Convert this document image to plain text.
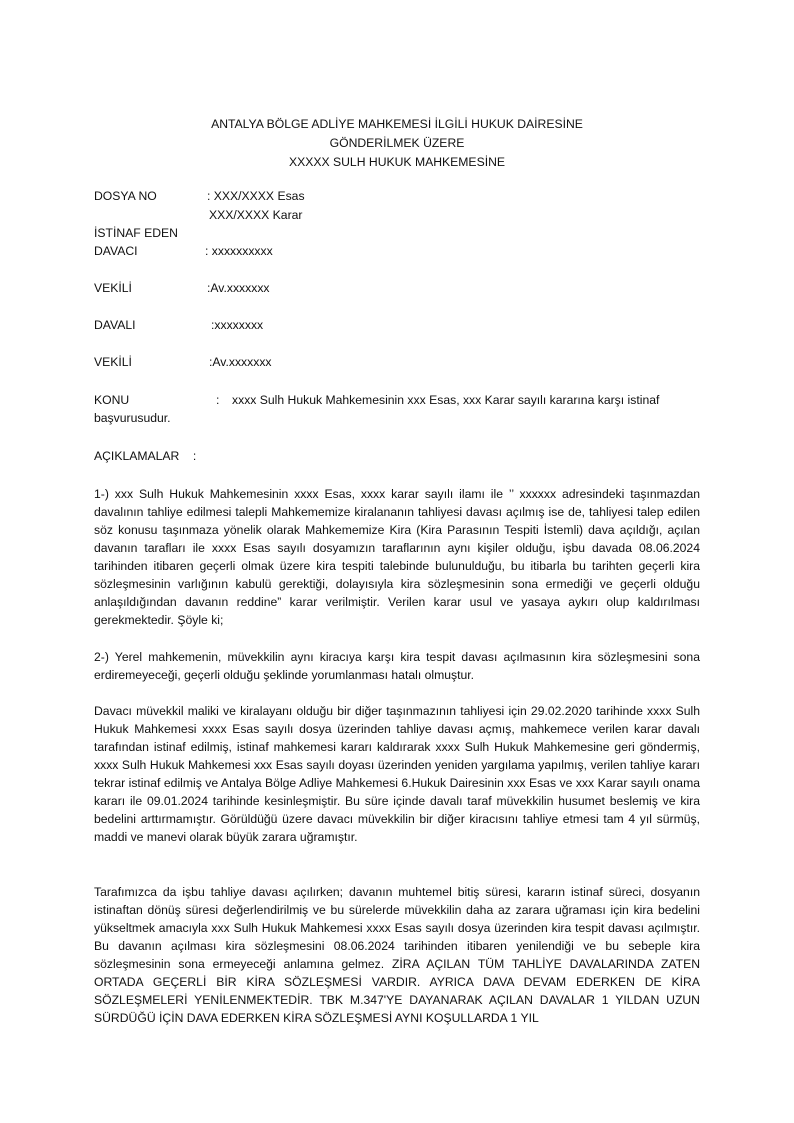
ANTALYA BÖLGE ADLİYE MAHKEMESİ İLGİLİ HUKUK DAİRESİNE
GÖNDERİLMEK ÜZERE
XXXXX SULH HUKUK MAHKEMESİNE
DOSYA NO	: XXX/XXXX Esas
XXX/XXXX Karar
İSTİNAF EDEN
DAVACI	: xxxxxxxxxx
VEKİLİ	:Av.xxxxxxx
DAVALI	:xxxxxxxx
VEKİLİ	:Av.xxxxxxx
KONU	: xxxx Sulh Hukuk Mahkemesinin xxx Esas, xxx Karar sayılı kararına karşı istinaf
başvurusudur.
AÇIKLAMALAR    :

1-) xxx Sulh Hukuk Mahkemesinin xxxx Esas, xxxx karar sayılı ilamı ile ’’ xxxxxx adresindeki taşınmazdan davalının tahliye edilmesi talepli Mahkememize kiralananın tahliyesi davası açılmış ise de, tahliyesi talep edilen söz konusu taşınmaza yönelik olarak Mahkememize Kira (Kira Parasının Tespiti İstemli) dava açıldığı, açılan davanın tarafları ile xxxx Esas sayılı dosyamızın taraflarının aynı kişiler olduğu, işbu davada 08.06.2024 tarihinden itibaren geçerli olmak üzere kira tespiti talebinde bulunulduğu, bu itibarla bu tarihten geçerli kira sözleşmesinin varlığının kabulü gerektiği, dolayısıyla kira sözleşmesinin sona ermediği ve geçerli olduğu anlaşıldığından davanın reddine” karar verilmiştir. Verilen karar usul ve yasaya aykırı olup kaldırılması gerekmektedir. Şöyle ki;

2-) Yerel mahkemenin, müvekkilin aynı kiracıya karşı kira tespit davası açılmasının kira sözleşmesini sona erdiremeyeceği, geçerli olduğu şeklinde yorumlanması hatalı olmuştur.

Davacı müvekkil maliki ve kiralayanı olduğu bir diğer taşınmazının tahliyesi için 29.02.2020 tarihinde xxxx Sulh Hukuk Mahkemesi xxxx Esas sayılı dosya üzerinden tahliye davası açmış, mahkemece verilen karar davalı tarafından istinaf edilmiş, istinaf mahkemesi kararı kaldırarak xxxx Sulh Hukuk Mahkemesine geri göndermiş, xxxx Sulh Hukuk Mahkemesi xxx Esas sayılı doyası üzerinden yeniden yargılama yapılmış, verilen tahliye kararı tekrar istinaf edilmiş ve Antalya Bölge Adliye Mahkemesi 6.Hukuk Dairesinin xxx Esas ve xxx Karar sayılı onama kararı ile 09.01.2024 tarihinde kesinleşmiştir. Bu süre içinde davalı taraf müvekkilin husumet beslemiş ve kira bedelini arttırmamıştır. Görüldüğü üzere davacı müvekkilin bir diğer kiracısını tahliye etmesi tam 4 yıl sürmüş, maddi ve manevi olarak büyük zarara uğramıştır.

Tarafımızca da işbu tahliye davası açılırken; davanın muhtemel bitiş süresi, kararın istinaf süreci, dosyanın istinaftan dönüş süresi değerlendirilmiş ve bu sürelerde müvekkilin daha az zarara uğraması için kira bedelini yükseltmek amacıyla xxx Sulh Hukuk Mahkemesi xxxx Esas sayılı dosya üzerinden kira tespit davası açılmıştır. Bu davanın açılması kira sözleşmesini 08.06.2024 tarihinden itibaren yenilendiği ve bu sebeple kira sözleşmesinin sona ermeyeceği anlamına gelmez. ZİRA AÇILAN TÜM TAHLİYE DAVALARINDA ZATEN ORTADA GEÇERLİ BİR KİRA SÖZLEŞMESİ VARDIR. AYRICA DAVA DEVAM EDERKEN DE KİRA SÖZLEŞMELERİ YENİLENMEKTEDİR. TBK M.347'YE DAYANARAK AÇILAN DAVALAR 1 YILDAN UZUN SÜRDÜĞÜ İÇİN DAVA EDERKEN KİRA SÖZLEŞMESİ AYNI KOŞULLARDA 1 YIL
